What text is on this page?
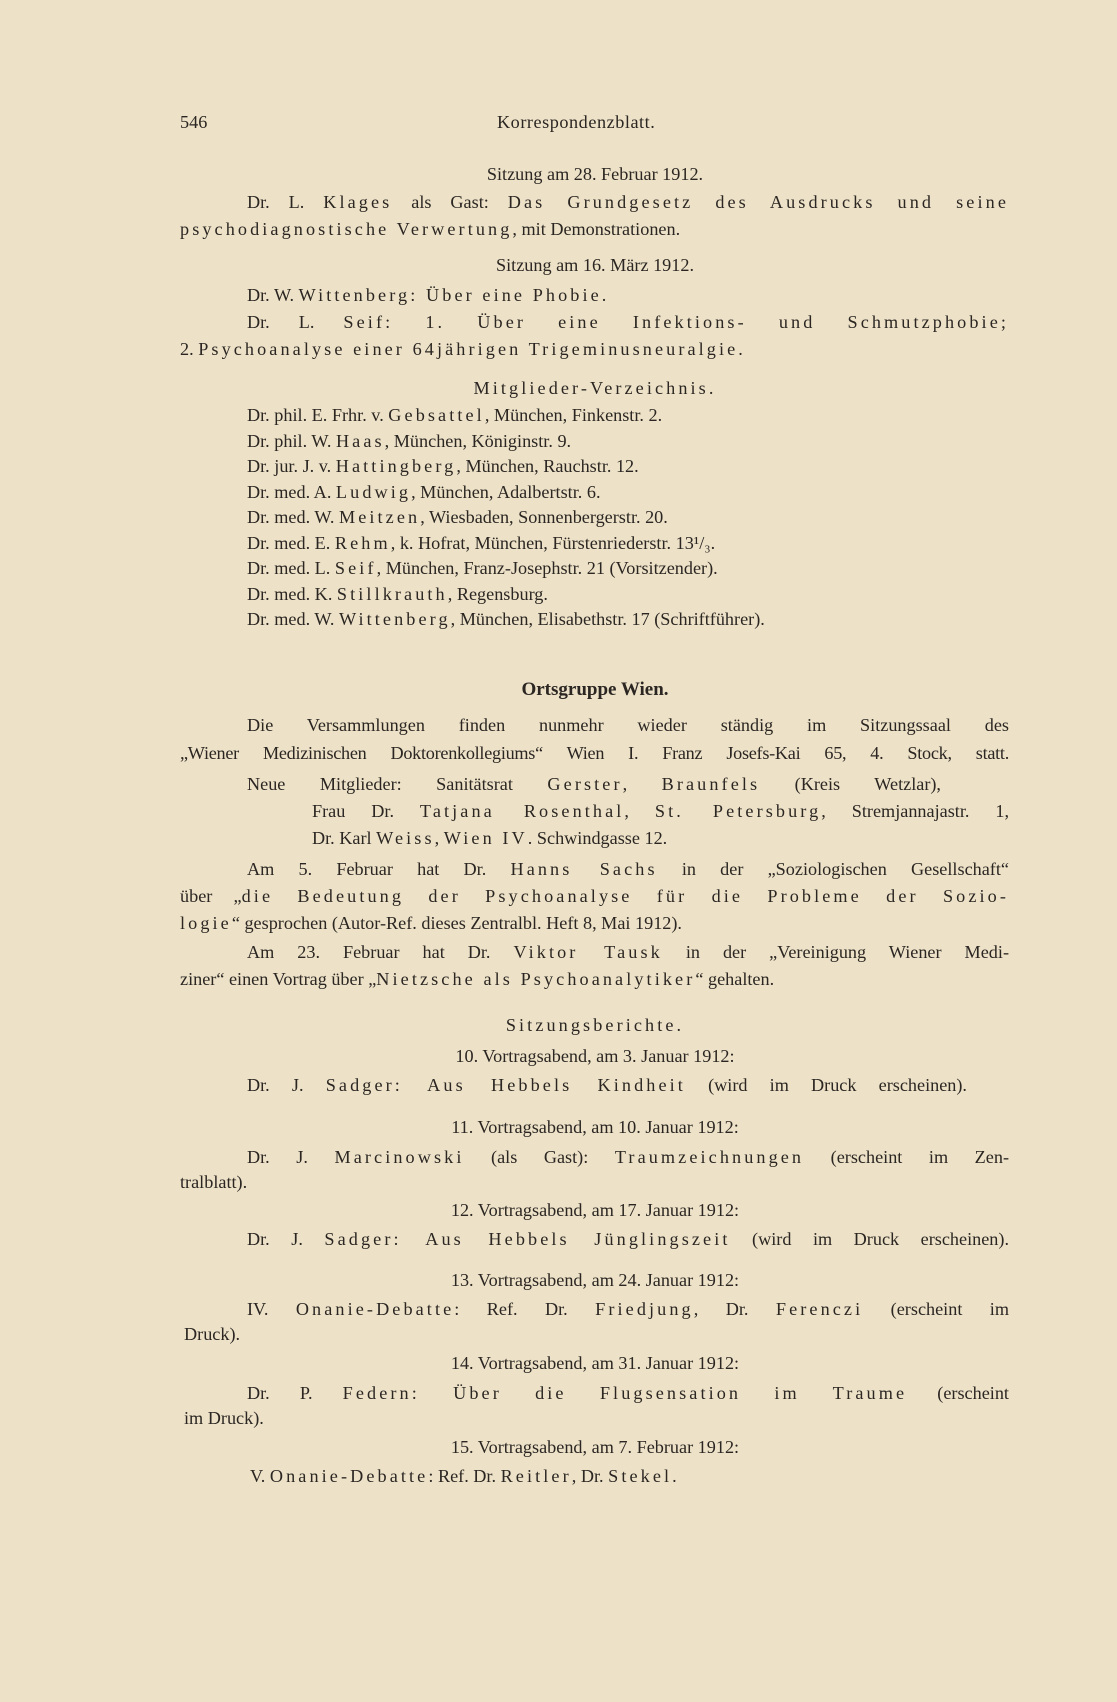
546	Korrespondenzblatt.
Sitzung am 28. Februar 1912.
Dr. L. Klages als Gast: Das Grundgesetz des Ausdrucks und seine
psychodiagnostische Verwertung, mit Demonstrationen.
Sitzung am 16. März 1912.
Dr. W. Wittenberg: Über eine Phobie.
Dr. L. Seif: 1. Über eine Infektions- und Schmutzphobie;
2. Psychoanalyse einer 64jährigen Trigeminusneuralgie.
Mitglieder-Verzeichnis.
Dr. phil. E. Frhr. v. Gebsattel, München, Finkenstr. 2.
Dr. phil. W. Haas, München, Königinstr. 9.
Dr. jur. J. v. Hattingberg, München, Rauchstr. 12.
Dr. med. A. Ludwig, München, Adalbertstr. 6.
Dr. med. W. Meitzen, Wiesbaden, Sonnenbergerstr. 20.
Dr. med. E. Rehm, k. Hofrat, München, Fürstenriederstr. 13¹/₃.
Dr. med. L. Seif, München, Franz-Josephstr. 21 (Vorsitzender).
Dr. med. K. Stillkrauth, Regensburg.
Dr. med. W. Wittenberg, München, Elisabethstr. 17 (Schriftführer).
Ortsgruppe Wien.
Die Versammlungen finden nunmehr wieder ständig im Sitzungssaal des
„Wiener Medizinischen Doktorenkollegiums“ Wien I. Franz Josefs-Kai 65, 4. Stock, statt.
Neue Mitglieder: Sanitätsrat Gerster, Braunfels (Kreis Wetzlar),
Frau Dr. Tatjana Rosenthal, St. Petersburg, Stremjannajastr. 1,
Dr. Karl Weiss, Wien IV. Schwindgasse 12.
Am 5. Februar hat Dr. Hanns Sachs in der „Soziologischen Gesellschaft“
über „die Bedeutung der Psychoanalyse für die Probleme der Sozio-
logie“ gesprochen (Autor-Ref. dieses Zentralbl. Heft 8, Mai 1912).
Am 23. Februar hat Dr. Viktor Tausk in der „Vereinigung Wiener Medi-
ziner“ einen Vortrag über „Nietzsche als Psychoanalytiker“ gehalten.
Sitzungsberichte.
10. Vortragsabend, am 3. Januar 1912:
Dr. J. Sadger: Aus Hebbels Kindheit (wird im Druck erscheinen).
11. Vortragsabend, am 10. Januar 1912:
Dr. J. Marcinowski (als Gast): Traumzeichnungen (erscheint im Zen-
tralblatt).
12. Vortragsabend, am 17. Januar 1912:
Dr. J. Sadger: Aus Hebbels Jünglingszeit (wird im Druck erscheinen).
13. Vortragsabend, am 24. Januar 1912:
IV. Onanie-Debatte: Ref. Dr. Friedjung, Dr. Ferenczi (erscheint im
Druck).
14. Vortragsabend, am 31. Januar 1912:
Dr. P. Federn: Über die Flugsensation im Traume (erscheint
im Druck).
15. Vortragsabend, am 7. Februar 1912:
V. Onanie-Debatte: Ref. Dr. Reitler, Dr. Stekel.
